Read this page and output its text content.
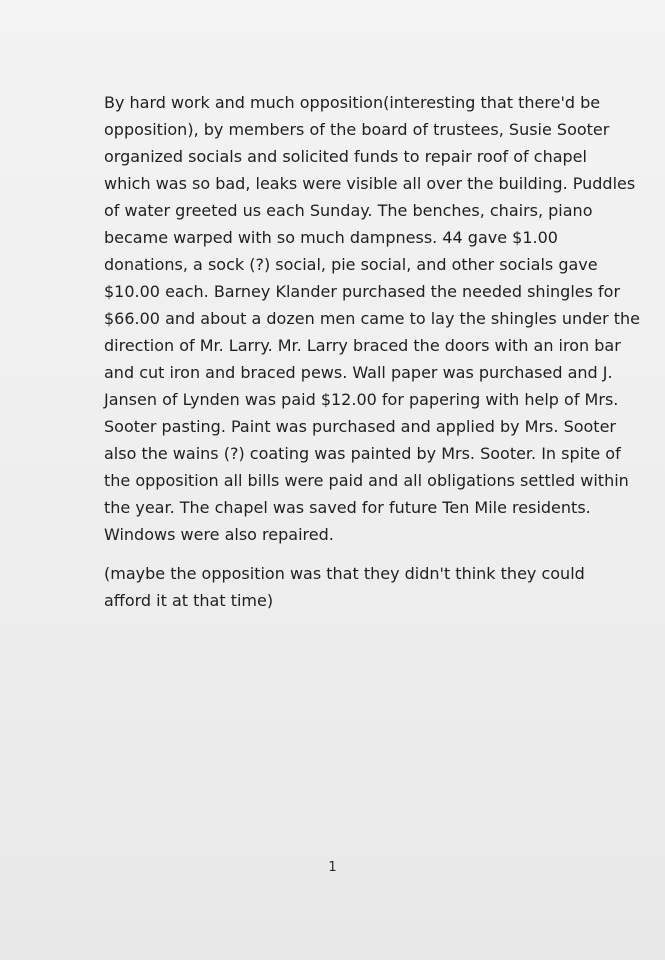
By hard work and much opposition(interesting that there'd be
opposition), by members of the board of trustees, Susie Sooter
organized socials and solicited funds to repair roof of chapel
which was so bad, leaks were visible all over the building. Puddles
of water greeted us each Sunday. The benches, chairs, piano
became warped with so much dampness. 44 gave $1.00
donations, a sock (?) social, pie social, and other socials gave
$10.00 each. Barney Klander purchased the needed shingles for
$66.00 and about a dozen men came to lay the shingles under the
direction of Mr. Larry. Mr. Larry braced the doors with an iron bar
and cut iron and braced pews. Wall paper was purchased and J.
Jansen of Lynden was paid $12.00 for papering with help of Mrs.
Sooter pasting. Paint was purchased and applied by Mrs. Sooter
also the wains (?) coating was painted by Mrs. Sooter. In spite of
the opposition all bills were paid and all obligations settled within
the year. The chapel was saved for future Ten Mile residents.
Windows were also repaired.
(maybe the opposition was that they didn't think they could
afford it at that time)
1
